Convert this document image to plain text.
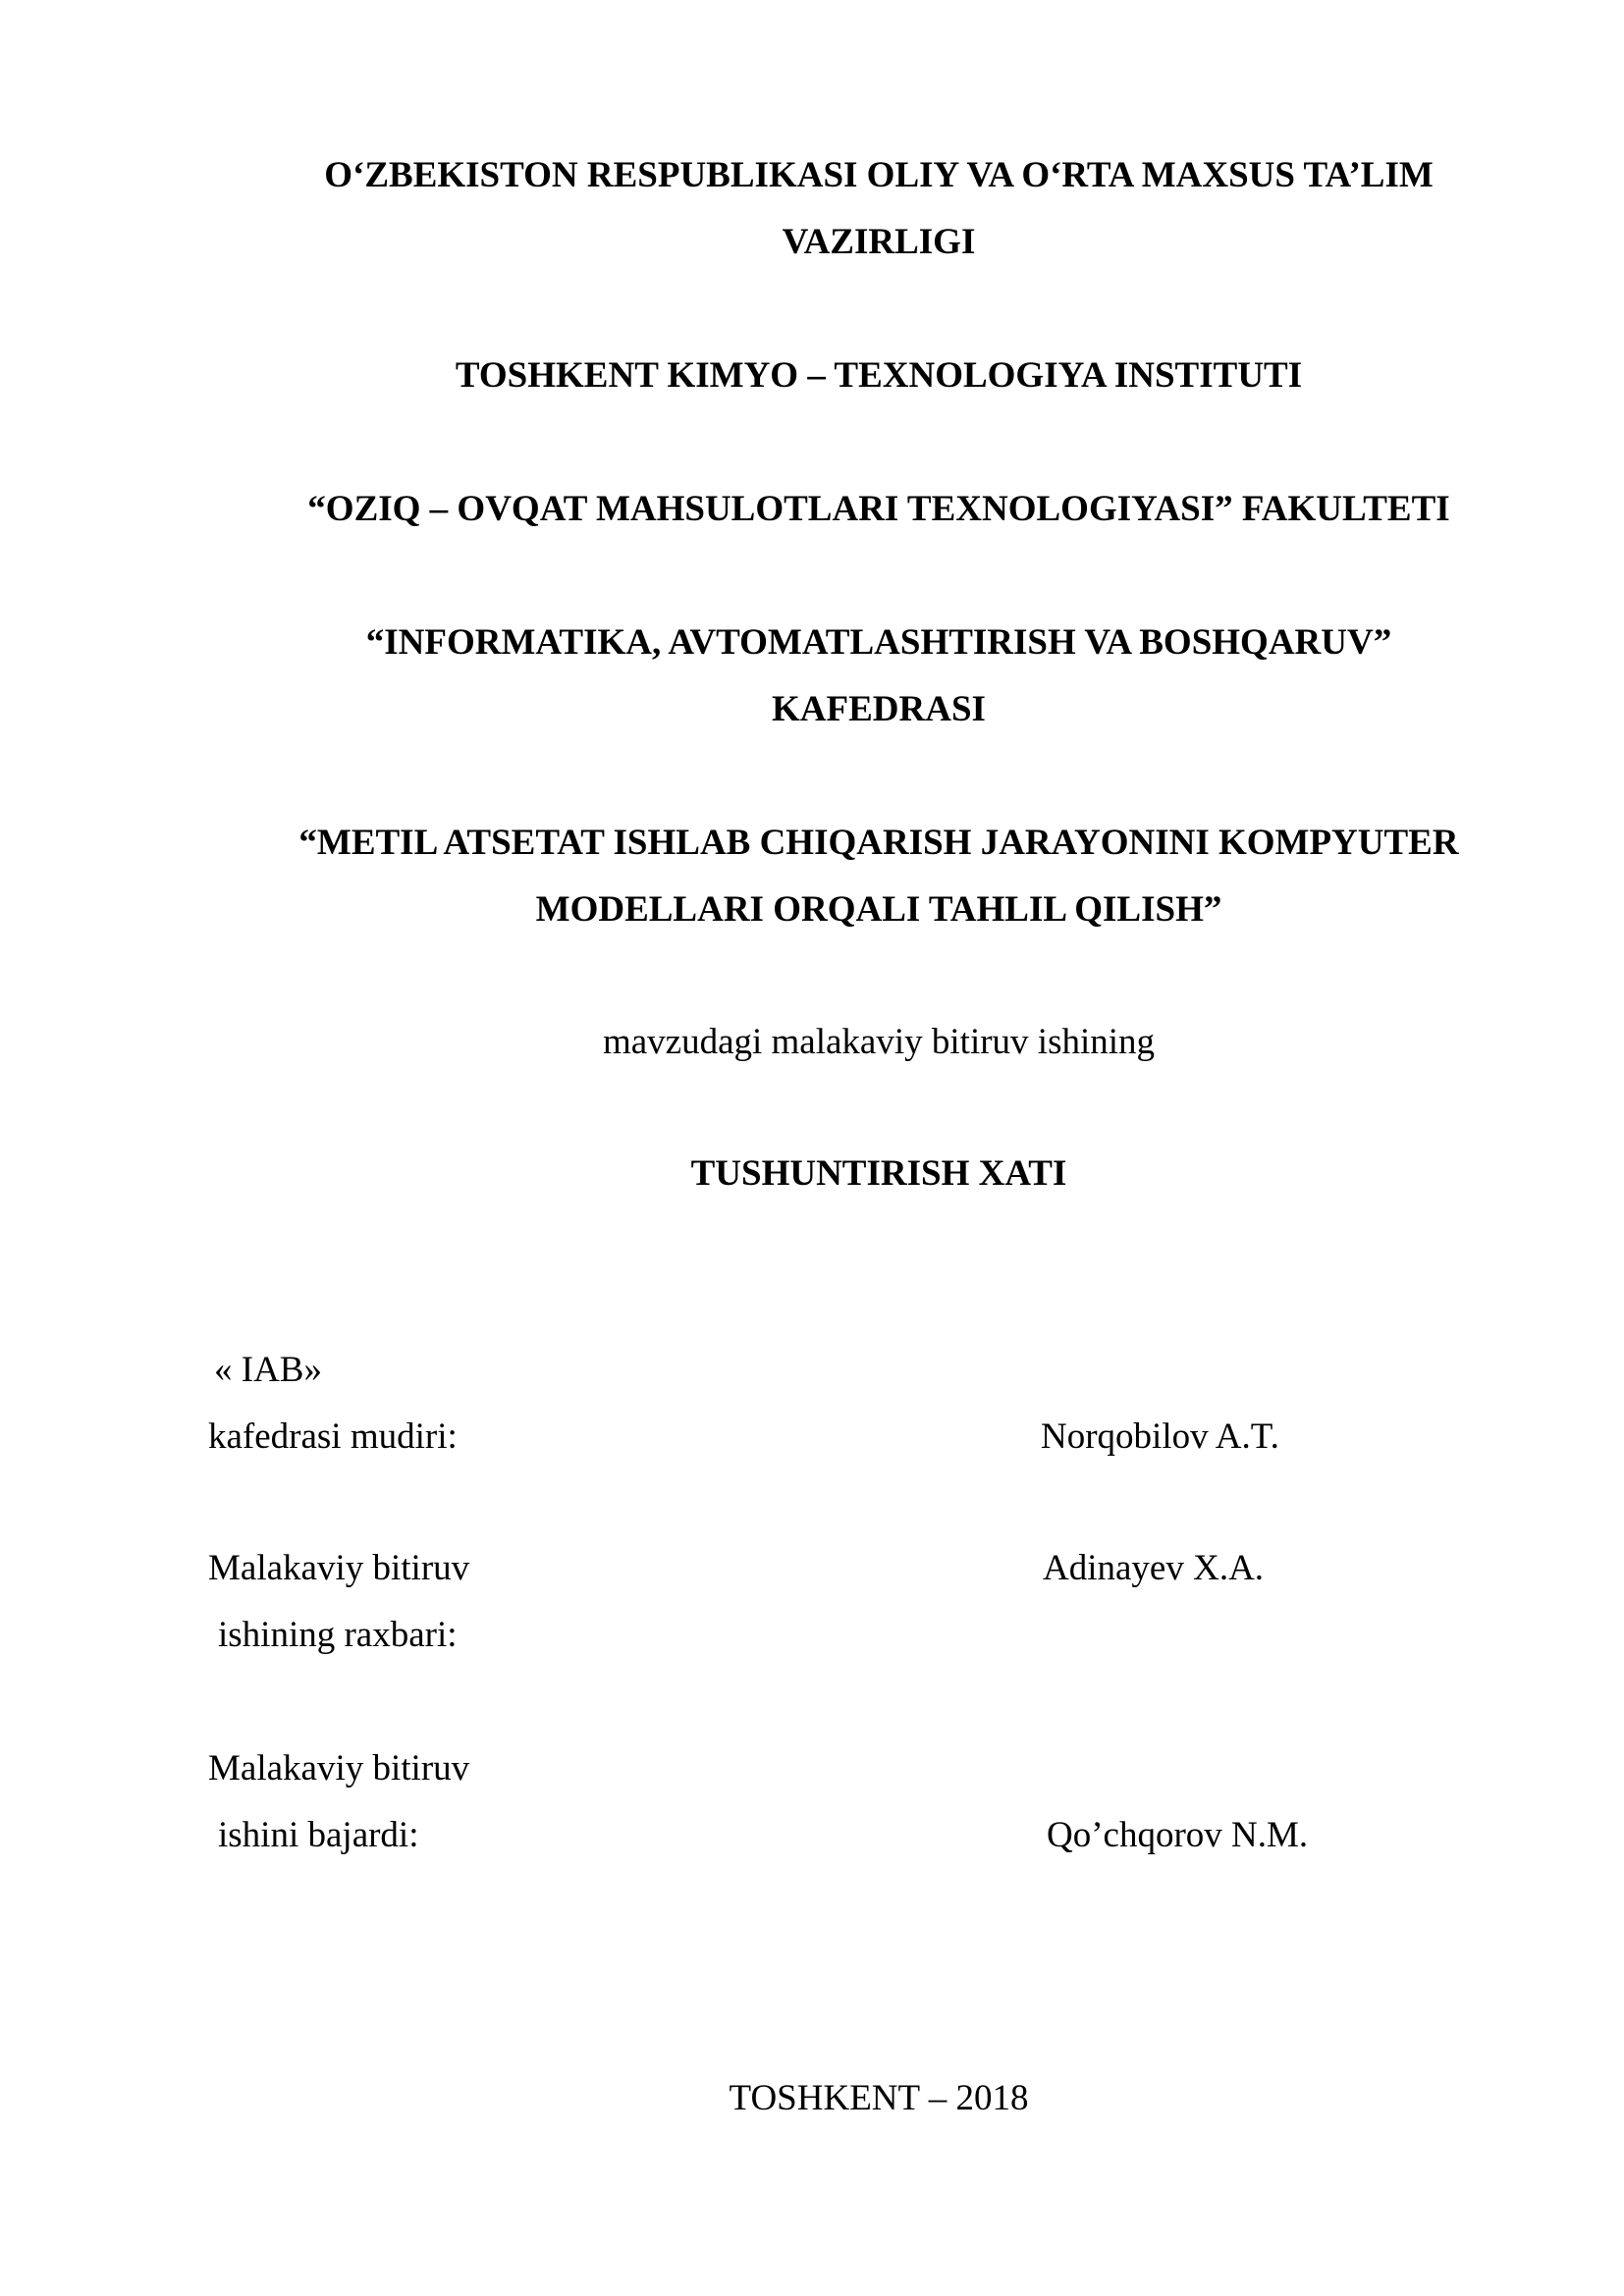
O‘ZBEKISTON RESPUBLIKASI OLIY VA O‘RTA MAXSUS TA’LIM
VAZIRLIGI
TOSHKENT KIMYO – TEXNOLOGIYA INSTITUTI
“OZIQ – OVQAT MAHSULOTLARI TEXNOLOGIYASI” FAKULTETI
“INFORMATIKA, AVTOMATLASHTIRISH VA BOSHQARUV”
KAFEDRASI
“METIL ATSETAT ISHLAB CHIQARISH JARAYONINI KOMPYUTER
MODELLARI ORQALI TAHLIL QILISH”
mavzudagi malakaviy bitiruv ishining
TUSHUNTIRISH XATI
« IAB»
kafedrasi mudiri:	Norqobilov A.T.
Malakaviy bitiruv	Adinayev X.A.
ishining raxbari:
Malakaviy bitiruv
ishini bajardi:	Qo’chqorov N.M.
TOSHKENT – 2018
